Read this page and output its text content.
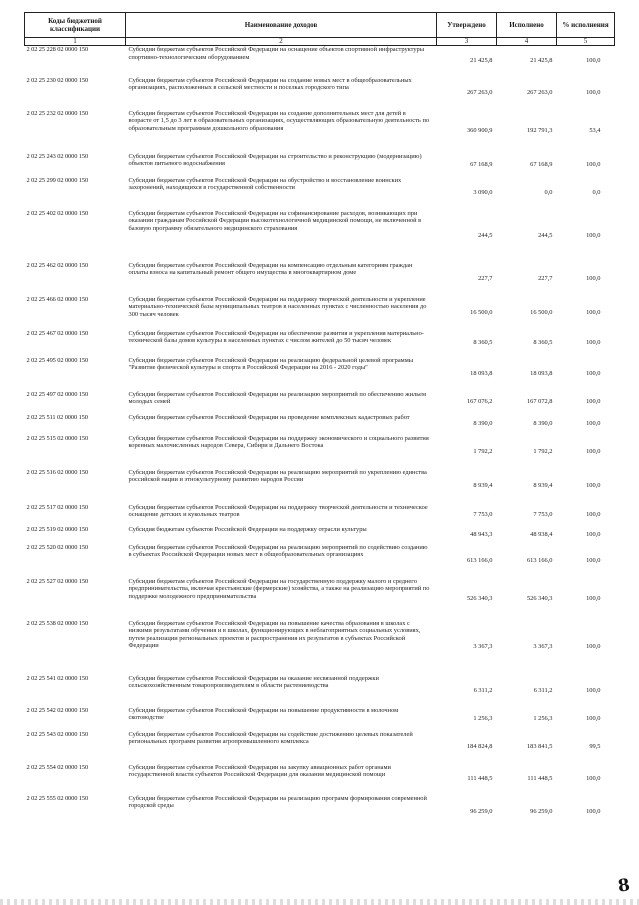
Коды бюджетной классификации	Наименование доходов	Утверждено	Исполнено	% исполнения
1	2	3	4	5
2 02 25 228 02 0000 150	Субсидии бюджетам субъектов Российской Федерации на оснащение объектов спортивной инфраструктуры спортивно-технологическим оборудованием	21 425,8	21 425,8	100,0
2 02 25 230 02 0000 150	Субсидии бюджетам субъектов Российской Федерации на создание новых мест в общеобразовательных организациях, расположенных в сельской местности и поселках городского типа	267 263,0	267 263,0	100,0
2 02 25 232 02 0000 150	Субсидии бюджетам субъектов Российской Федерации на создание дополнительных мест для детей в возрасте от 1,5 до 3 лет в образовательных организациях, осуществляющих образовательную деятельность по образовательным программам дошкольного образования	360 900,9	192 791,3	53,4
2 02 25 243 02 0000 150	Субсидии бюджетам субъектов Российской Федерации на строительство и реконструкцию (модернизацию) объектов питьевого водоснабжения	67 168,9	67 168,9	100,0
2 02 25 299 02 0000 150	Субсидии бюджетам субъектов Российской Федерации на обустройство и восстановление воинских захоронений, находящихся в государственной собственности	3 090,0	0,0	0,0
2 02 25 402 02 0000 150	Субсидии бюджетам субъектов Российской Федерации на софинансирование расходов, возникающих при оказании гражданам Российской Федерации высокотехнологичной медицинской помощи, не включенной в базовую программу обязательного медицинского страхования	244,5	244,5	100,0
2 02 25 462 02 0000 150	Субсидии бюджетам субъектов Российской Федерации на компенсацию отдельным категориям граждан оплаты взноса на капитальный ремонт общего имущества в многоквартирном доме	227,7	227,7	100,0
2 02 25 466 02 0000 150	Субсидии бюджетам субъектов Российской Федерации на поддержку творческой деятельности и укрепление материально-технической базы муниципальных театров в населенных пунктах с численностью населения до 300 тысяч человек	16 500,0	16 500,0	100,0
2 02 25 467 02 0000 150	Субсидии бюджетам субъектов Российской Федерации на обеспечение развития и укрепления материально-технической базы домов культуры в населенных пунктах с числом жителей до 50 тысяч человек	8 360,5	8 360,5	100,0
2 02 25 495 02 0000 150	Субсидии бюджетам субъектов Российской Федерации на реализацию федеральной целевой программы "Развитие физической культуры и спорта в Российской Федерации на 2016 - 2020 годы"	18 093,8	18 093,8	100,0
2 02 25 497 02 0000 150	Субсидии бюджетам субъектов Российской Федерации на реализацию мероприятий по обеспечению жильем молодых семей	167 076,2	167 072,8	100,0
2 02 25 511 02 0000 150	Субсидии бюджетам субъектов Российской Федерации на проведение комплексных кадастровых работ	8 390,0	8 390,0	100,0
2 02 25 515 02 0000 150	Субсидии бюджетам субъектов Российской Федерации на поддержку экономического и социального развития коренных малочисленных народов Севера, Сибири и Дальнего Востока	1 792,2	1 792,2	100,0
2 02 25 516 02 0000 150	Субсидии бюджетам субъектов Российской Федерации на реализацию мероприятий по укреплению единства российской нации и этнокультурному развитию народов России	8 939,4	8 939,4	100,0
2 02 25 517 02 0000 150	Субсидии бюджетам субъектов Российской Федерации на поддержку творческой деятельности и техническое оснащение детских и кукольных театров	7 753,0	7 753,0	100,0
2 02 25 519 02 0000 150	Субсидия бюджетам субъектов Российской Федерации на поддержку отрасли культуры	48 943,3	48 938,4	100,0
2 02 25 520 02 0000 150	Субсидии бюджетам субъектов Российской Федерации на реализацию мероприятий по содействию созданию в субъектах Российской Федерации новых мест в общеобразовательных организациях	613 166,0	613 166,0	100,0
2 02 25 527 02 0000 150	Субсидии бюджетам субъектов Российской Федерации на государственную поддержку малого и среднего предпринимательства, включая крестьянские (фермерские) хозяйства, а также на реализацию мероприятий по поддержке молодежного предпринимательства	526 340,3	526 340,3	100,0
2 02 25 538 02 0000 150	Субсидии бюджетам субъектов Российской Федерации на повышение качества образования в школах с низкими результатами обучения и в школах, функционирующих в неблагоприятных социальных условиях, путем реализации региональных проектов и распространения их результатов в субъектах Российской Федерации	3 367,3	3 367,3	100,0
2 02 25 541 02 0000 150	Субсидии бюджетам субъектов Российской Федерации на оказание несвязанной поддержки сельскохозяйственным товаропроизводителям в области растениеводства	6 311,2	6 311,2	100,0
2 02 25 542 02 0000 150	Субсидии бюджетам субъектов Российской Федерации на повышение продуктивности в молочном скотоводстве	1 256,3	1 256,3	100,0
2 02 25 543 02 0000 150	Субсидии бюджетам субъектов Российской Федерации на содействие достижению целевых показателей региональных программ развития агропромышленного комплекса	184 824,8	183 841,5	99,5
2 02 25 554 02 0000 150	Субсидии бюджетам субъектов Российской Федерации на закупку авиационных работ органами государственной власти субъектов Российской Федерации для оказания медицинской помощи	111 448,5	111 448,5	100,0
2 02 25 555 02 0000 150	Субсидии бюджетам субъектов Российской Федерации на реализацию программ формирования современной городской среды	96 259,0	96 259,0	100,0
8
